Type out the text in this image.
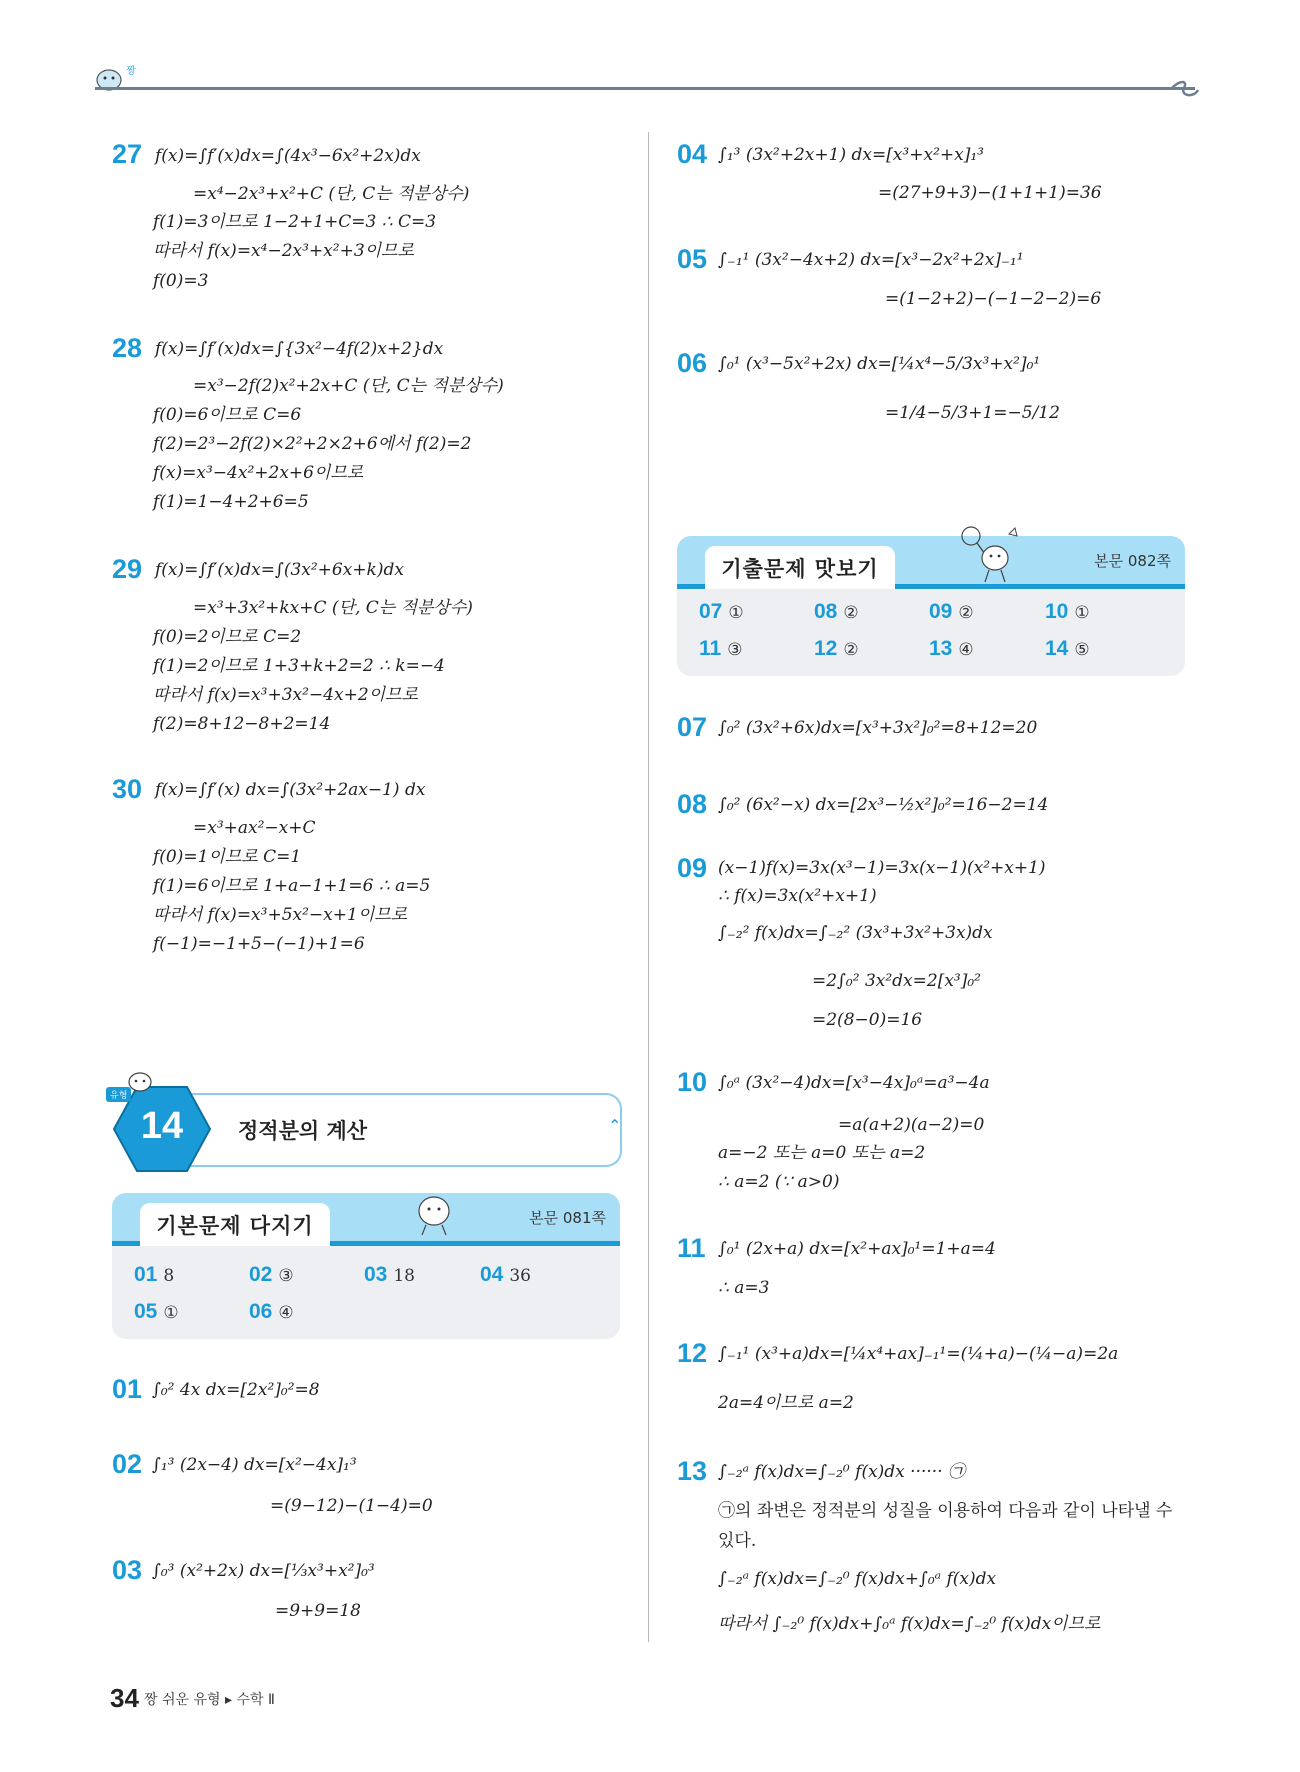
짱
27 f(x)=∫f′(x)dx=∫(4x³−6x²+2x)dx
=x⁴−2x³+x²+C (단, C는 적분상수)
f(1)=3이므로 1−2+1+C=3 ∴ C=3
따라서 f(x)=x⁴−2x³+x²+3이므로
f(0)=3
28 f(x)=∫f′(x)dx=∫{3x²−4f(2)x+2}dx
=x³−2f(2)x²+2x+C (단, C는 적분상수)
f(0)=6이므로 C=6
f(2)=2³−2f(2)×2²+2×2+6에서 f(2)=2
f(x)=x³−4x²+2x+6이므로
f(1)=1−4+2+6=5
29 f(x)=∫f′(x)dx=∫(3x²+6x+k)dx
=x³+3x²+kx+C (단, C는 적분상수)
f(0)=2이므로 C=2
f(1)=2이므로 1+3+k+2=2 ∴ k=−4
따라서 f(x)=x³+3x²−4x+2이므로
f(2)=8+12−8+2=14
30 f(x)=∫f′(x) dx=∫(3x²+2ax−1) dx
=x³+ax²−x+C
f(0)=1이므로 C=1
f(1)=6이므로 1+a−1+1=6 ∴ a=5
따라서 f(x)=x³+5x²−x+1이므로
f(−1)=−1+5−(−1)+1=6
14
유형
정적분의 계산	⌃
기본문제 다지기	본문 081쪽
01 8	02 ③	03 18	04 36
05 ①	06 ④
01 ∫₀² 4x dx=[2x²]₀²=8
02 ∫₁³ (2x−4) dx=[x²−4x]₁³
=(9−12)−(1−4)=0
03 ∫₀³ (x²+2x) dx=[⅓x³+x²]₀³
=9+9=18
04 ∫₁³ (3x²+2x+1) dx=[x³+x²+x]₁³
=(27+9+3)−(1+1+1)=36
05 ∫₋₁¹ (3x²−4x+2) dx=[x³−2x²+2x]₋₁¹
=(1−2+2)−(−1−2−2)=6
06 ∫₀¹ (x³−5x²+2x) dx=[¼x⁴−5/3x³+x²]₀¹
=1/4−5/3+1=−5/12
기출문제 맛보기	본문 082쪽
07 ①	08 ②	09 ②	10 ①
11 ③	12 ②	13 ④	14 ⑤
07 ∫₀² (3x²+6x)dx=[x³+3x²]₀²=8+12=20
08 ∫₀² (6x²−x) dx=[2x³−½x²]₀²=16−2=14
09 (x−1)f(x)=3x(x³−1)=3x(x−1)(x²+x+1)
∴ f(x)=3x(x²+x+1)
∫₋₂² f(x)dx=∫₋₂² (3x³+3x²+3x)dx
=2∫₀² 3x²dx=2[x³]₀²
=2(8−0)=16
10 ∫₀ᵃ (3x²−4)dx=[x³−4x]₀ᵃ=a³−4a
=a(a+2)(a−2)=0
a=−2 또는 a=0 또는 a=2
∴ a=2 (∵ a>0)
11 ∫₀¹ (2x+a) dx=[x²+ax]₀¹=1+a=4
∴ a=3
12 ∫₋₁¹ (x³+a)dx=[¼x⁴+ax]₋₁¹=(¼+a)−(¼−a)=2a
2a=4이므로 a=2
13 ∫₋₂ᵃ f(x)dx=∫₋₂⁰ f(x)dx ······ ㉠
㉠의 좌변은 정적분의 성질을 이용하여 다음과 같이 나타낼 수
있다.
∫₋₂ᵃ f(x)dx=∫₋₂⁰ f(x)dx+∫₀ᵃ f(x)dx
따라서 ∫₋₂⁰ f(x)dx+∫₀ᵃ f(x)dx=∫₋₂⁰ f(x)dx이므로
34 짱 쉬운 유형 ▸ 수학 Ⅱ
